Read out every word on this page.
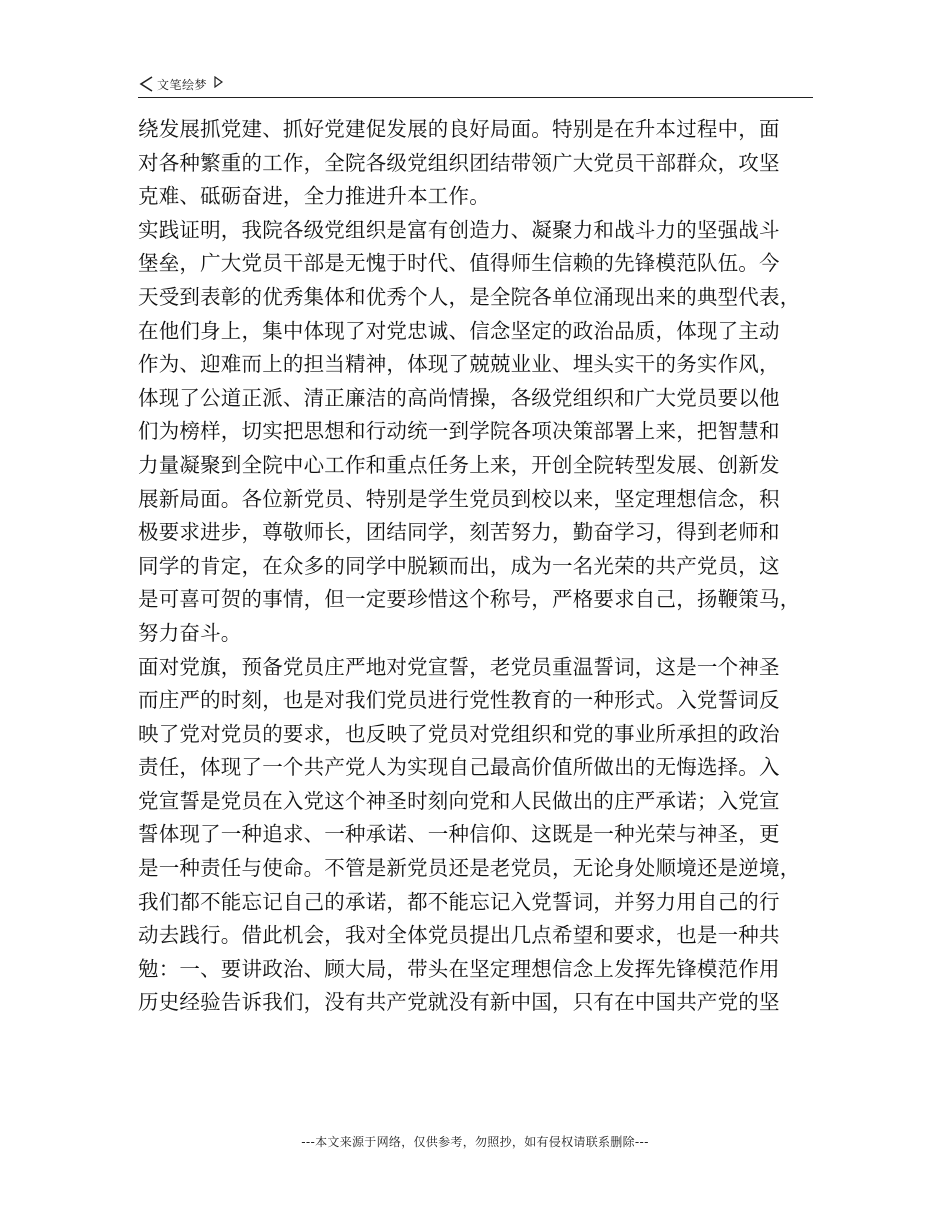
文笔绘梦
绕发展抓党建、抓好党建促发展的良好局面。特别是在升本过程中，面
对各种繁重的工作，全院各级党组织团结带领广大党员干部群众，攻坚
克难、砥砺奋进，全力推进升本工作。
实践证明，我院各级党组织是富有创造力、凝聚力和战斗力的坚强战斗
堡垒，广大党员干部是无愧于时代、值得师生信赖的先锋模范队伍。今
天受到表彰的优秀集体和优秀个人，是全院各单位涌现出来的典型代表，
在他们身上，集中体现了对党忠诚、信念坚定的政治品质，体现了主动
作为、迎难而上的担当精神，体现了兢兢业业、埋头实干的务实作风，
体现了公道正派、清正廉洁的高尚情操，各级党组织和广大党员要以他
们为榜样，切实把思想和行动统一到学院各项决策部署上来，把智慧和
力量凝聚到全院中心工作和重点任务上来，开创全院转型发展、创新发
展新局面。各位新党员、特别是学生党员到校以来，坚定理想信念，积
极要求进步，尊敬师长，团结同学，刻苦努力，勤奋学习，得到老师和
同学的肯定，在众多的同学中脱颖而出，成为一名光荣的共产党员，这
是可喜可贺的事情，但一定要珍惜这个称号，严格要求自己，扬鞭策马，
努力奋斗。
面对党旗，预备党员庄严地对党宣誓，老党员重温誓词，这是一个神圣
而庄严的时刻，也是对我们党员进行党性教育的一种形式。入党誓词反
映了党对党员的要求，也反映了党员对党组织和党的事业所承担的政治
责任，体现了一个共产党人为实现自己最高价值所做出的无悔选择。入
党宣誓是党员在入党这个神圣时刻向党和人民做出的庄严承诺；入党宣
誓体现了一种追求、一种承诺、一种信仰、这既是一种光荣与神圣，更
是一种责任与使命。不管是新党员还是老党员，无论身处顺境还是逆境，
我们都不能忘记自己的承诺，都不能忘记入党誓词，并努力用自己的行
动去践行。借此机会，我对全体党员提出几点希望和要求，也是一种共
勉：一、要讲政治、顾大局，带头在坚定理想信念上发挥先锋模范作用
历史经验告诉我们，没有共产党就没有新中国，只有在中国共产党的坚
---本文来源于网络，仅供参考，勿照抄，如有侵权请联系删除---
